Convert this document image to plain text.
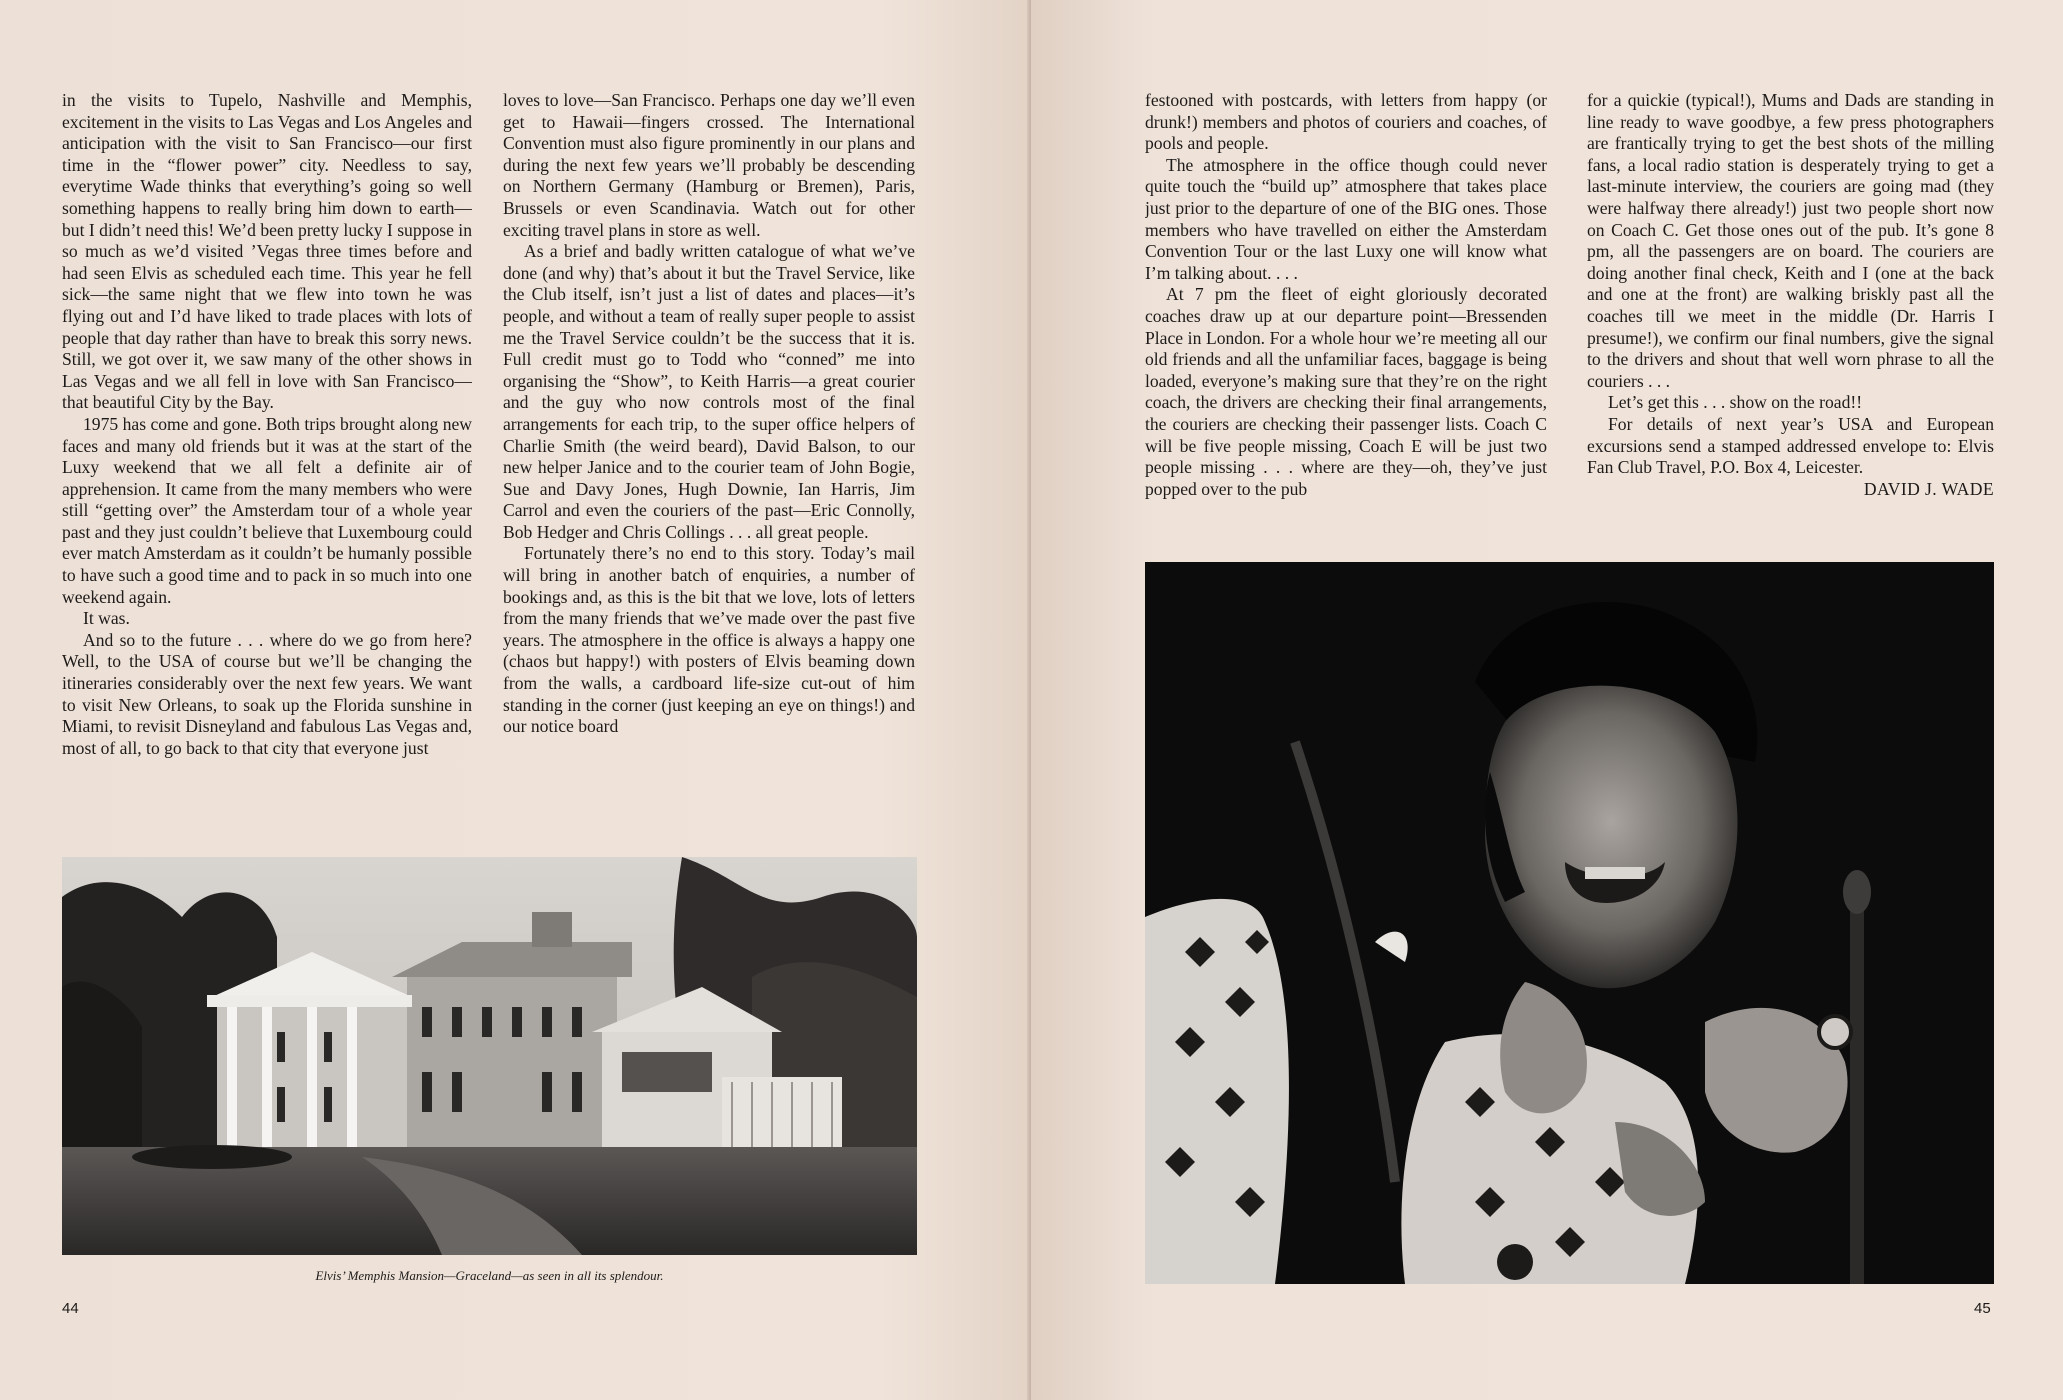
in the visits to Tupelo, Nashville and Memphis, excitement in the visits to Las Vegas and Los Angeles and anticipation with the visit to San Francisco—our first time in the “flower power” city. Needless to say, everytime Wade thinks that everything’s going so well something happens to really bring him down to earth—but I didn’t need this! We’d been pretty lucky I suppose in so much as we’d visited ’Vegas three times before and had seen Elvis as scheduled each time. This year he fell sick—the same night that we flew into town he was flying out and I’d have liked to trade places with lots of people that day rather than have to break this sorry news. Still, we got over it, we saw many of the other shows in Las Vegas and we all fell in love with San Francisco—that beautiful City by the Bay.

1975 has come and gone. Both trips brought along new faces and many old friends but it was at the start of the Luxy weekend that we all felt a definite air of apprehension. It came from the many members who were still “getting over” the Amsterdam tour of a whole year past and they just couldn’t believe that Luxembourg could ever match Amsterdam as it couldn’t be humanly possible to have such a good time and to pack in so much into one weekend again.

It was.

And so to the future . . . where do we go from here? Well, to the USA of course but we’ll be changing the itineraries considerably over the next few years. We want to visit New Orleans, to soak up the Florida sunshine in Miami, to revisit Disneyland and fabulous Las Vegas and, most of all, to go back to that city that everyone just

loves to love—San Francisco. Perhaps one day we’ll even get to Hawaii—fingers crossed. The International Convention must also figure prominently in our plans and during the next few years we’ll probably be descending on Northern Germany (Hamburg or Bremen), Paris, Brussels or even Scandinavia. Watch out for other exciting travel plans in store as well.

As a brief and badly written catalogue of what we’ve done (and why) that’s about it but the Travel Service, like the Club itself, isn’t just a list of dates and places—it’s people, and without a team of really super people to assist me the Travel Service couldn’t be the success that it is. Full credit must go to Todd who “conned” me into organising the “Show”, to Keith Harris—a great courier and the guy who now controls most of the final arrangements for each trip, to the super office helpers of Charlie Smith (the weird beard), David Balson, to our new helper Janice and to the courier team of John Bogie, Sue and Davy Jones, Hugh Downie, Ian Harris, Jim Carrol and even the couriers of the past—Eric Connolly, Bob Hedger and Chris Collings . . . all great people.

Fortunately there’s no end to this story. Today’s mail will bring in another batch of enquiries, a number of bookings and, as this is the bit that we love, lots of letters from the many friends that we’ve made over the past five years. The atmosphere in the office is always a happy one (chaos but happy!) with posters of Elvis beaming down from the walls, a cardboard life-size cut-out of him standing in the corner (just keeping an eye on things!) and our notice board

Elvis’ Memphis Mansion—Graceland—as seen in all its splendour.
44

festooned with postcards, with letters from happy (or drunk!) members and photos of couriers and coaches, of pools and people.

The atmosphere in the office though could never quite touch the “build up” atmosphere that takes place just prior to the departure of one of the BIG ones. Those members who have travelled on either the Amsterdam Convention Tour or the last Luxy one will know what I’m talking about. . . .

At 7 pm the fleet of eight gloriously decorated coaches draw up at our departure point—Bressenden Place in London. For a whole hour we’re meeting all our old friends and all the unfamiliar faces, baggage is being loaded, everyone’s making sure that they’re on the right coach, the drivers are checking their final arrangements, the couriers are checking their passenger lists. Coach C will be five people missing, Coach E will be just two people missing . . . where are they—oh, they’ve just popped over to the pub

for a quickie (typical!), Mums and Dads are standing in line ready to wave goodbye, a few press photographers are frantically trying to get the best shots of the milling fans, a local radio station is desperately trying to get a last-minute interview, the couriers are going mad (they were halfway there already!) just two people short now on Coach C. Get those ones out of the pub. It’s gone 8 pm, all the passengers are on board. The couriers are doing another final check, Keith and I (one at the back and one at the front) are walking briskly past all the coaches till we meet in the middle (Dr. Harris I presume!), we confirm our final numbers, give the signal to the drivers and shout that well worn phrase to all the couriers . . .

Let’s get this . . . show on the road!!

For details of next year’s USA and European excursions send a stamped addressed envelope to: Elvis Fan Club Travel, P.O. Box 4, Leicester.

DAVID J. WADE

45
